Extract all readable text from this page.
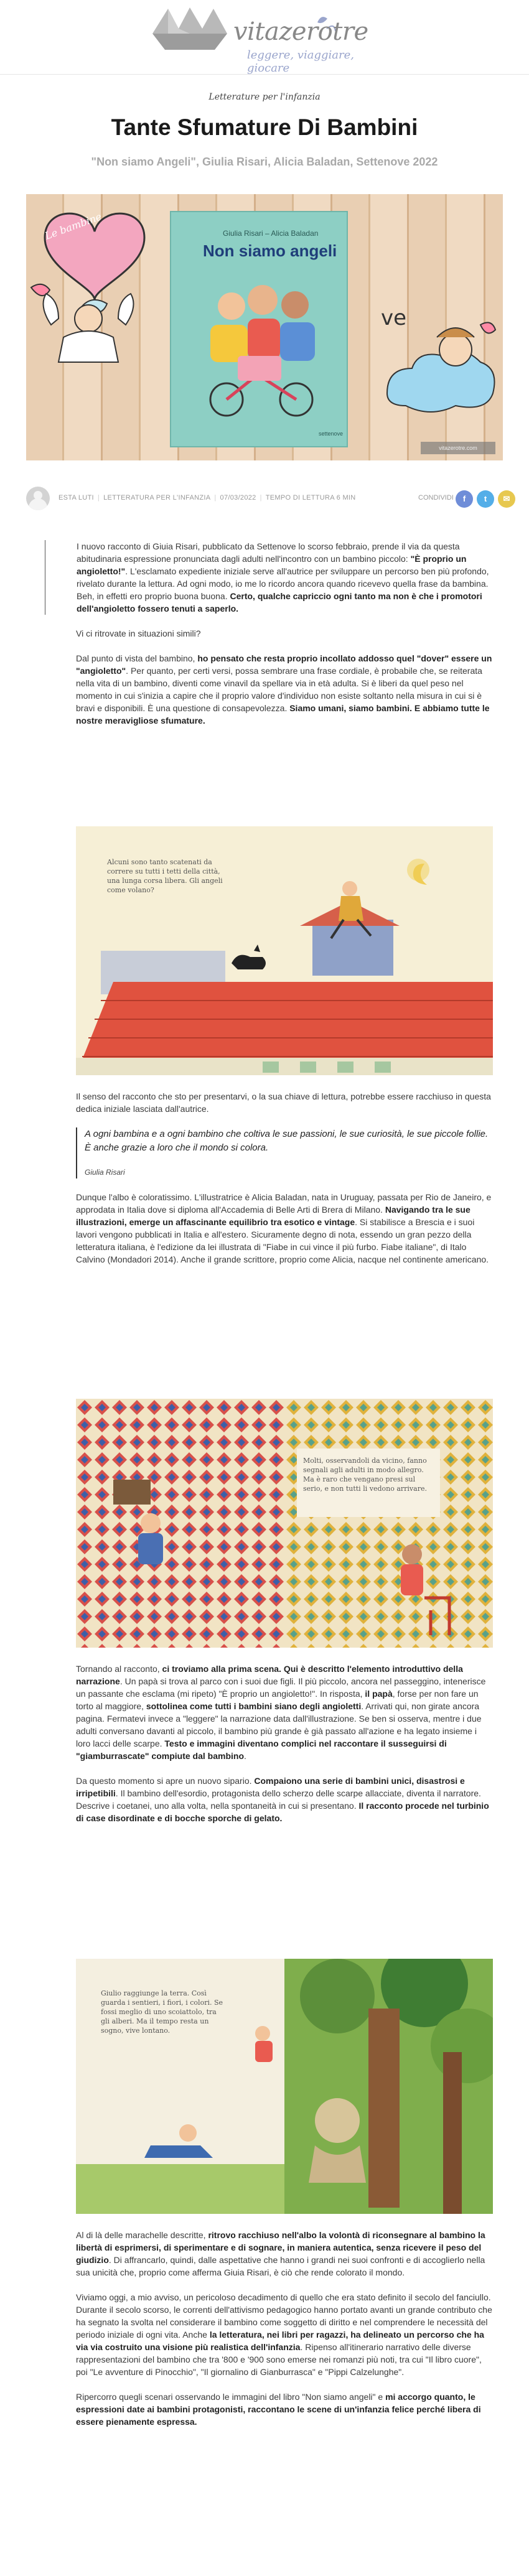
vitazerotre
leggere, viaggiare, giocare
Letterature per l'infanzia
Tante Sfumature Di Bambini
"Non siamo Angeli", Giulia Risari, Alicia Baladan, Settenove 2022
ve
Giulia Risari – Alicia Baladan
Non siamo angeli
settenove
Le bambine
vitazerotre.com
ESTA LUTI | LETTERATURA PER L'INFANZIA | 07/03/2022 | TEMPO DI LETTURA 6 MIN	CONDIVIDI	f	t	✉

I nuovo racconto di Giuia Risari, pubblicato da Settenove lo scorso febbraio, prende il via da questa abitudinaria espressione pronunciata dagli adulti nell'incontro con un bambino piccolo: "È proprio un angioletto!". L'esclamato expediente iniziale serve all'autrice per sviluppare un percorso ben più profondo, rivelato durante la lettura. Ad ogni modo, io me lo ricordo ancora quando ricevevo quella frase da bambina. Beh, in effetti ero proprio buona buona. Certo, qualche capriccio ogni tanto ma non è che i promotori dell'angioletto fossero tenuti a saperlo.

Vi ci ritrovate in situazioni simili?

Dal punto di vista del bambino, ho pensato che resta proprio incollato addosso quel "dover" essere un "angioletto". Per quanto, per certi versi, possa sembrare una frase cordiale, è probabile che, se reiterata nella vita di un bambino, diventi come vinavil da spellare via in età adulta. Si è liberi da quel peso nel momento in cui s'inizia a capire che il proprio valore d'individuo non esiste soltanto nella misura in cui si è bravi e disponibili. È una questione di consapevolezza. Siamo umani, siamo bambini. E abbiamo tutte le nostre meravigliose sfumature.

Alcuni sono tanto scatenati da correre su tutti i tetti della città, una lunga corsa libera. Gli angeli come volano?

Il senso del racconto che sto per presentarvi, o la sua chiave di lettura, potrebbe essere racchiuso in questa dedica iniziale lasciata dall'autrice.

A ogni bambina e a ogni bambino che coltiva le sue passioni, le sue curiosità, le sue piccole follie. È anche grazie a loro che il mondo si colora.
Giulia Risari

Dunque l'albo è coloratissimo. L'illustratrice è Alicia Baladan, nata in Uruguay, passata per Rio de Janeiro, e approdata in Italia dove si diploma all'Accademia di Belle Arti di Brera di Milano. Navigando tra le sue illustrazioni, emerge un affascinante equilibrio tra esotico e vintage. Si stabilisce a Brescia e i suoi lavori vengono pubblicati in Italia e all'estero. Sicuramente degno di nota, essendo un gran pezzo della letteratura italiana, è l'edizione da lei illustrata di "Fiabe in cui vince il più furbo. Fiabe italiane", di Italo Calvino (Mondadori 2014). Anche il grande scrittore, proprio come Alicia, nacque nel continente americano.

Molti, osservandoli da vicino, fanno segnali agli adulti in modo allegro. Ma è raro che vengano presi sul serio, e non tutti li vedono arrivare.

Tornando al racconto, ci troviamo alla prima scena. Qui è descritto l'elemento introduttivo della narrazione. Un papà si trova al parco con i suoi due figli. Il più piccolo, ancora nel passeggino, intenerisce un passante che esclama (mi ripeto) "È proprio un angioletto!". In risposta, il papà, forse per non fare un torto al maggiore, sottolinea come tutti i bambini siano degli angioletti. Arrivati qui, non girate ancora pagina. Fermatevi invece a "leggere" la narrazione data dall'illustrazione. Se ben si osserva, mentre i due adulti conversano davanti al piccolo, il bambino più grande è già passato all'azione e ha legato insieme i loro lacci delle scarpe. Testo e immagini diventano complici nel raccontare il susseguirsi di "giamburrascate" compiute dal bambino.

Da questo momento si apre un nuovo sipario. Compaiono una serie di bambini unici, disastrosi e irripetibili. Il bambino dell'esordio, protagonista dello scherzo delle scarpe allacciate, diventa il narratore. Descrive i coetanei, uno alla volta, nella spontaneità in cui si presentano. Il racconto procede nel turbinio di case disordinate e di bocche sporche di gelato.

Giulio raggiunge la terra. Così guarda i sentieri, i fiori, i colori. Se fossi meglio di uno scoiattolo, tra gli alberi. Ma il tempo resta un sogno, vive lontano.

Al di là delle marachelle descritte, ritrovo racchiuso nell'albo la volontà di riconsegnare al bambino la libertà di esprimersi, di sperimentare e di sognare, in maniera autentica, senza ricevere il peso del giudizio. Di affrancarlo, quindi, dalle aspettative che hanno i grandi nei suoi confronti e di accoglierlo nella sua unicità che, proprio come afferma Giuia Risari, è ciò che rende colorato il mondo.

Viviamo oggi, a mio avviso, un pericoloso decadimento di quello che era stato definito il secolo del fanciullo. Durante il secolo scorso, le correnti dell'attivismo pedagogico hanno portato avanti un grande contributo che ha segnato la svolta nel considerare il bambino come soggetto di diritto e nel comprendere le necessità del periodo iniziale di ogni vita. Anche la letteratura, nei libri per ragazzi, ha delineato un percorso che ha via via costruito una visione più realistica dell'infanzia. Ripenso all'itinerario narrativo delle diverse rappresentazioni del bambino che tra '800 e '900 sono emerse nei romanzi più noti, tra cui "Il libro cuore", poi "Le avventure di Pinocchio", "Il giornalino di Gianburrasca" e "Pippi Calzelunghe".

Ripercorro quegli scenari osservando le immagini del libro "Non siamo angeli" e mi accorgo quanto, le espressioni date ai bambini protagonisti, raccontano le scene di un'infanzia felice perché libera di essere pienamente espressa.
